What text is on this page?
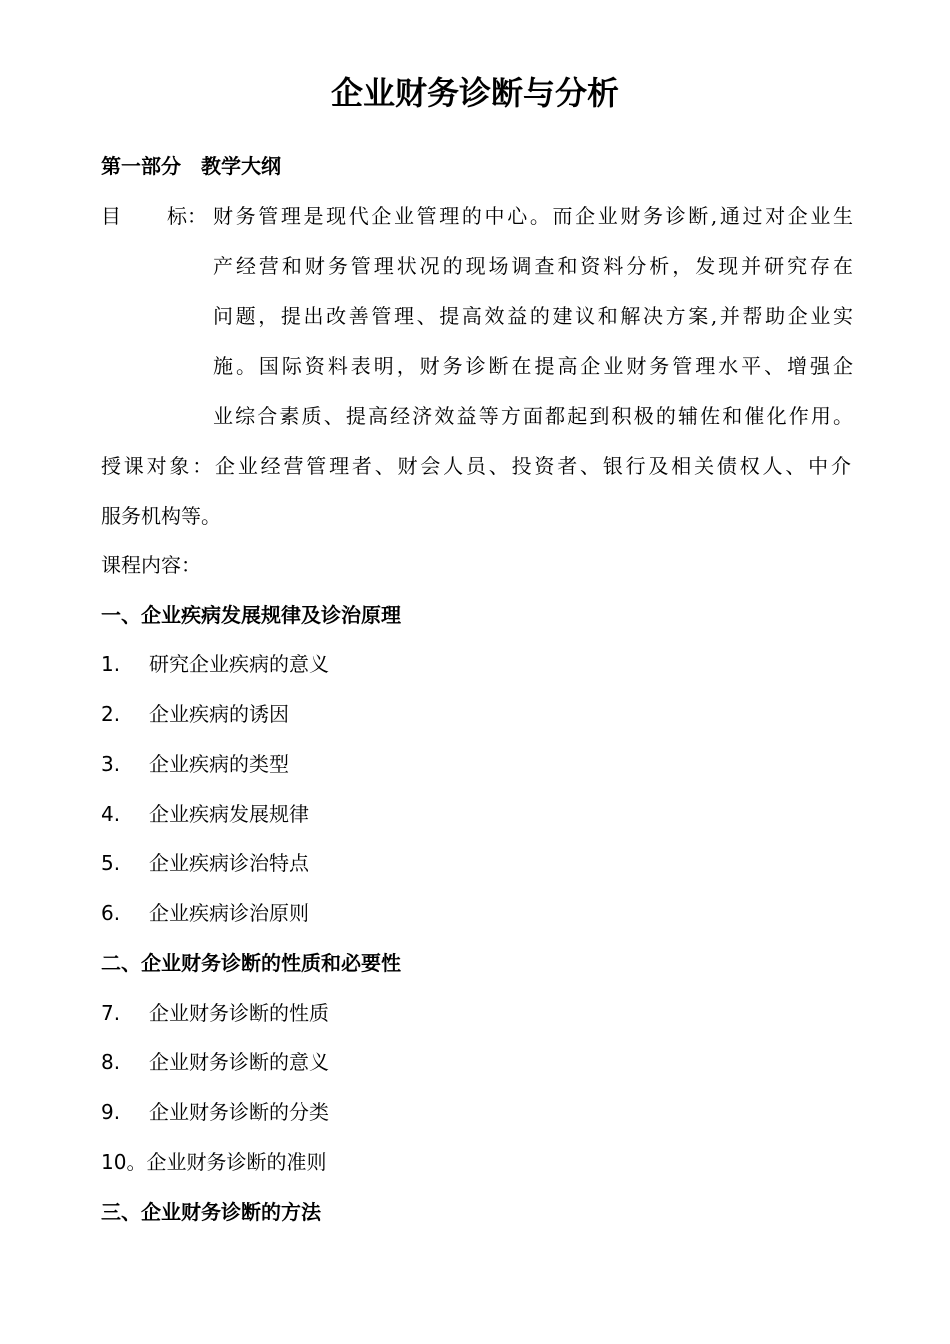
企业财务诊断与分析
第一部分　教学大纲
目 标： 财务管理是现代企业管理的中心。而企业财务诊断,通过对企业生
产经营和财务管理状况的现场调查和资料分析，发现并研究存在
问题，提出改善管理、提高效益的建议和解决方案,并帮助企业实
施。国际资料表明，财务诊断在提高企业财务管理水平、增强企
业综合素质、提高经济效益等方面都起到积极的辅佐和催化作用。
授课对象：企业经营管理者、财会人员、投资者、银行及相关债权人、中介
服务机构等。
课程内容：
一、企业疾病发展规律及诊治原理
1. 研究企业疾病的意义
2. 企业疾病的诱因
3. 企业疾病的类型
4. 企业疾病发展规律
5. 企业疾病诊治特点
6. 企业疾病诊治原则
二、企业财务诊断的性质和必要性
7. 企业财务诊断的性质
8. 企业财务诊断的意义
9. 企业财务诊断的分类
10。企业财务诊断的准则
三、企业财务诊断的方法
